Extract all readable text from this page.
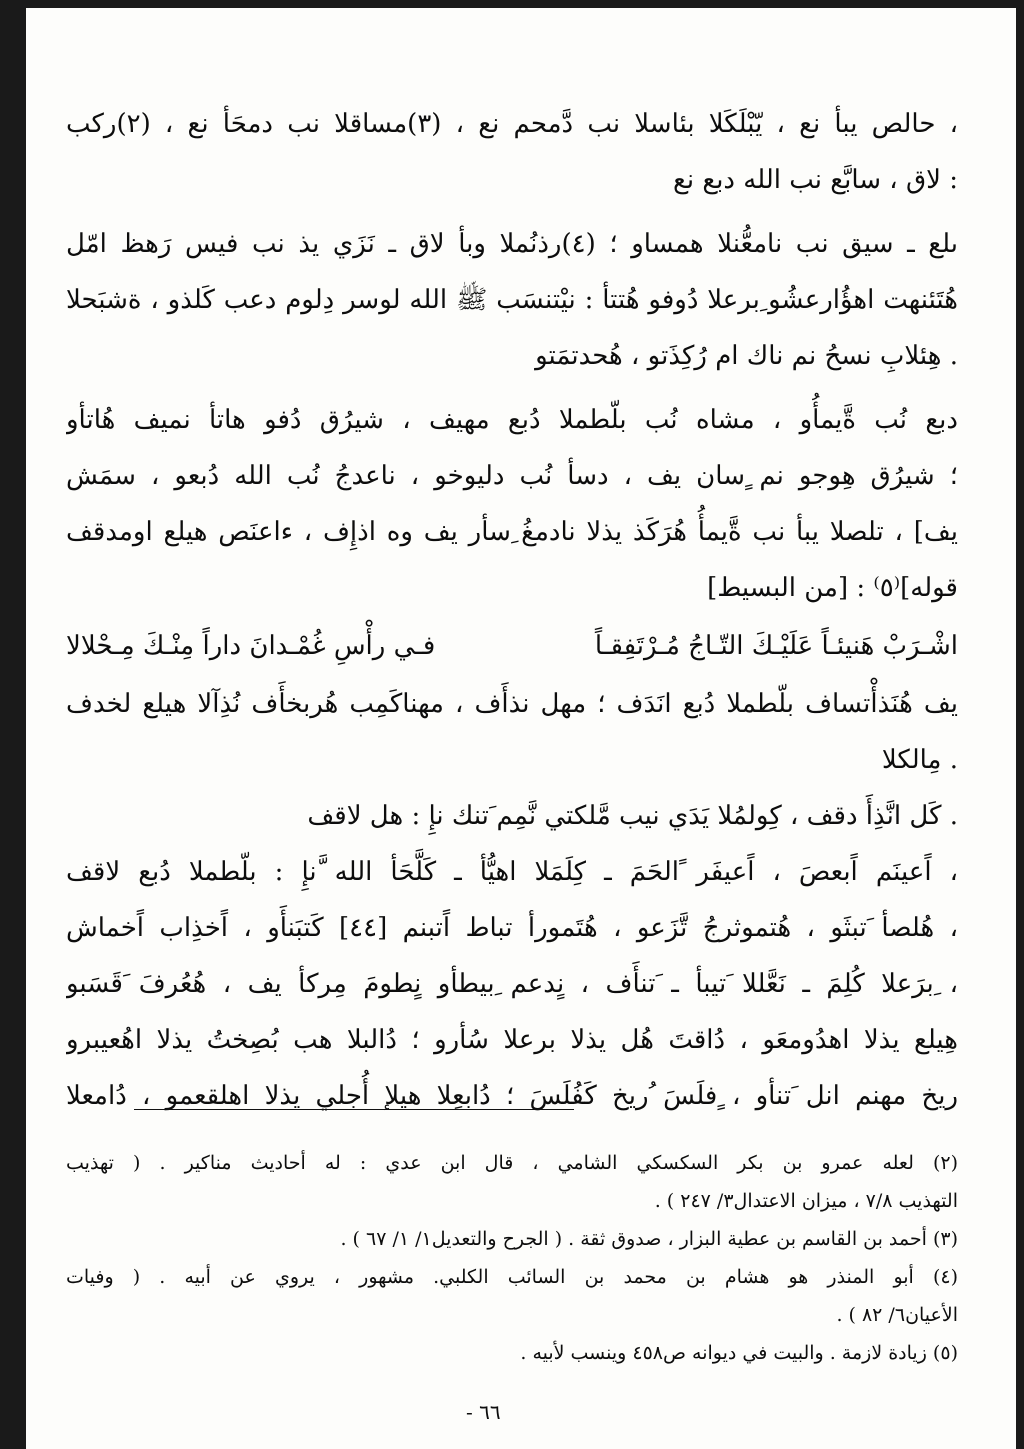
، حالص يبأ نع ، يّبْلَكَلا بئاسلا نب دَّمحم نع ، (٣)مساقلا نب دمحَأ نع ، (٢)ركب
: لاق ، سابَّع نب الله دبع نع
ىلع ـ سيق نب نامعُّنلا همساو ؛ (٤)رذنُملا وبأ لاق ـ نَزَي يذ نب فيس رَهظ امّل
هُتَئنهت اهؤُارعشُو ِبرعلا دُوفو هُتتأ : نيْتنسَب ﷺ الله لوسر دِلوم دعب كَلذو ، ةشبَحلا
. هِئلابِ نسحُ نم ناك ام رُكِذَتو ، هُحدتمَتو
دبع نُب ةَّيمأُو ، مشاه نُب بلّطملا دُبع مهيف ، شيرُق دُفو هاتأ نميف هُاتأو
؛ شيرُق هِوجو نم ٍسان يف ، دسأ نُب دليوخو ، ناعدجُ نُب الله دُبعو ، سمَش
يف] ، تلصلا يبأ نب ةَّيمأُ هُرَكَذ يذلا نادمغُ ِسأر يف وه اذإِف ، ءاعنَص هيلع اومدقف
قوله]⁽٥⁾ : [من البسيط]
اشْـرَبْ هَنيئـاً عَلَيْـكَ التّـاجُ مُـرْتَفِقـاً
فـي رأْسِ غُمْـدانَ داراً مِنْـكَ مِـحْلالا
يف هُنَذأْتساف بلّطملا دُبع انَدَف ؛ مهل نذأَف ، مهناكَمِب هُربخأَف نُذِآلا هيلع لخدف
. مِالكلا
. كَل انَّذِأَ دقف ، كِولمُلا يَدَي نيب مَّلكتي نَّمِم َتنك نإِ : هل لاقف
، اًعينَم اًبعصَ ، اًعيفَر ًالحَمَ ـ كِلَمَلا اهيُّأ ـ كَلَّحَأ الله َّنإِ : بلّطملا دُبع لاقف
، هُلصأ َتبثَو ، هُتموثرجُ تَّزَعو ، هُتَمورأ تباط اًتبنم [٤٤] كَتبَنأَو ، اًخذِاب اًخماش
، ِبرَعلا كُلِمَ ـ نَعَّللا َتيبأ ـ َتنأَف ، نٍدعم ِبيطأو نٍطومَ مِركأ يف ، هُعُرفَ َقَسَبو
هِيلع يذلا اهدُومعَو ، دُاقتَ هُل يذلا برعلا سُأرو ؛ دُالبلا هب بُصِختُ يذلا اهُعيبرو
ٌريخ مهنم انل َتنأو ، ٍفلَسَ ُريخ كَفُلَسَ ؛ دُابعِلا هيلإ أُجلي يذلا اهلقعمو ، دُامعلا
(٢) لعله عمرو بن بكر السكسكي الشامي ، قال ابن عدي : له أحاديث مناكير . ( تهذيب
التهذيب ٧/٨ ، ميزان الاعتدال٣/ ٢٤٧ ) .
(٣) أحمد بن القاسم بن عطية البزار ، صدوق ثقة . ( الجرح والتعديل١/ ١/ ٦٧ ) .
(٤) أبو المنذر هو هشام بن محمد بن السائب الكلبي. مشهور ، يروي عن أبيه . ( وفيات
الأعيان٦/ ٨٢ ) .
(٥) زيادة لازمة . والبيت في ديوانه ص٤٥٨ وينسب لأبيه .
٦٦ -
